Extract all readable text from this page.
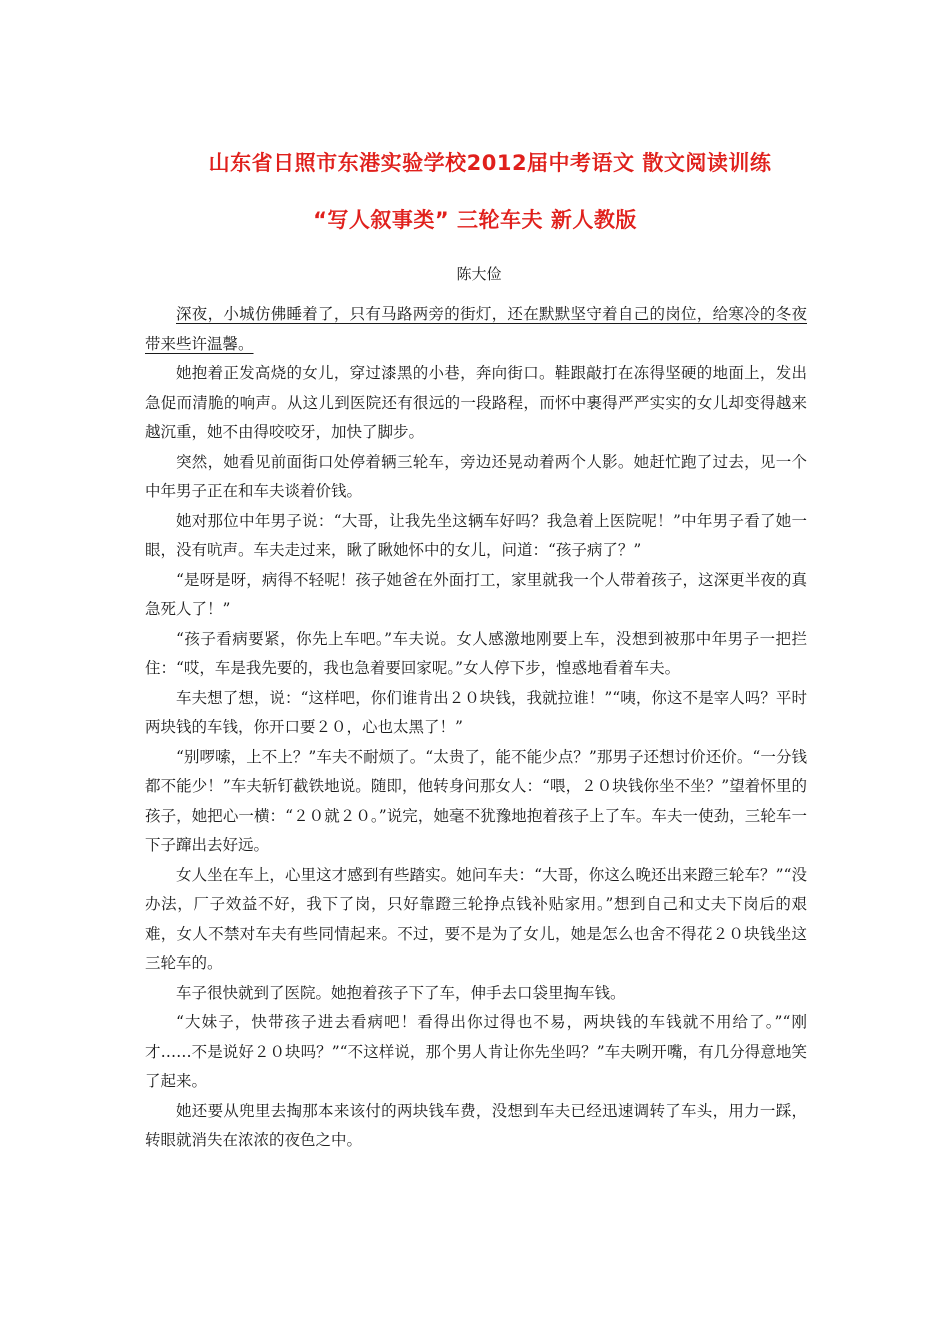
山东省日照市东港实验学校2012届中考语文 散文阅读训练
“写人叙事类” 三轮车夫 新人教版
陈大俭

深夜，小城仿佛睡着了，只有马路两旁的街灯，还在默默坚守着自己的岗位，给寒冷的冬夜带来些许温馨。

她抱着正发高烧的女儿，穿过漆黑的小巷，奔向街口。鞋跟敲打在冻得坚硬的地面上，发出急促而清脆的响声。从这儿到医院还有很远的一段路程，而怀中裹得严严实实的女儿却变得越来越沉重，她不由得咬咬牙，加快了脚步。

突然，她看见前面街口处停着辆三轮车，旁边还晃动着两个人影。她赶忙跑了过去，见一个中年男子正在和车夫谈着价钱。

她对那位中年男子说：“大哥，让我先坐这辆车好吗？我急着上医院呢！”中年男子看了她一眼，没有吭声。车夫走过来，瞅了瞅她怀中的女儿，问道：“孩子病了？”

“是呀是呀，病得不轻呢！孩子她爸在外面打工，家里就我一个人带着孩子，这深更半夜的真急死人了！”

“孩子看病要紧，你先上车吧。”车夫说。女人感激地刚要上车，没想到被那中年男子一把拦住：“哎，车是我先要的，我也急着要回家呢。”女人停下步，惶惑地看着车夫。

车夫想了想，说：“这样吧，你们谁肯出２０块钱，我就拉谁！”“咦，你这不是宰人吗？平时两块钱的车钱，你开口要２０，心也太黑了！”

“别啰嗦，上不上？”车夫不耐烦了。“太贵了，能不能少点？”那男子还想讨价还价。“一分钱都不能少！”车夫斩钉截铁地说。随即，他转身问那女人：“喂，２０块钱你坐不坐？”望着怀里的孩子，她把心一横：“２０就２０。”说完，她毫不犹豫地抱着孩子上了车。车夫一使劲，三轮车一下子蹿出去好远。

女人坐在车上，心里这才感到有些踏实。她问车夫：“大哥，你这么晚还出来蹬三轮车？”“没办法，厂子效益不好，我下了岗，只好靠蹬三轮挣点钱补贴家用。”想到自己和丈夫下岗后的艰难，女人不禁对车夫有些同情起来。不过，要不是为了女儿，她是怎么也舍不得花２０块钱坐这三轮车的。

车子很快就到了医院。她抱着孩子下了车，伸手去口袋里掏车钱。

“大妹子，快带孩子进去看病吧！看得出你过得也不易，两块钱的车钱就不用给了。”“刚才……不是说好２０块吗？”“不这样说，那个男人肯让你先坐吗？”车夫咧开嘴，有几分得意地笑了起来。

她还要从兜里去掏那本来该付的两块钱车费，没想到车夫已经迅速调转了车头，用力一踩，转眼就消失在浓浓的夜色之中。
